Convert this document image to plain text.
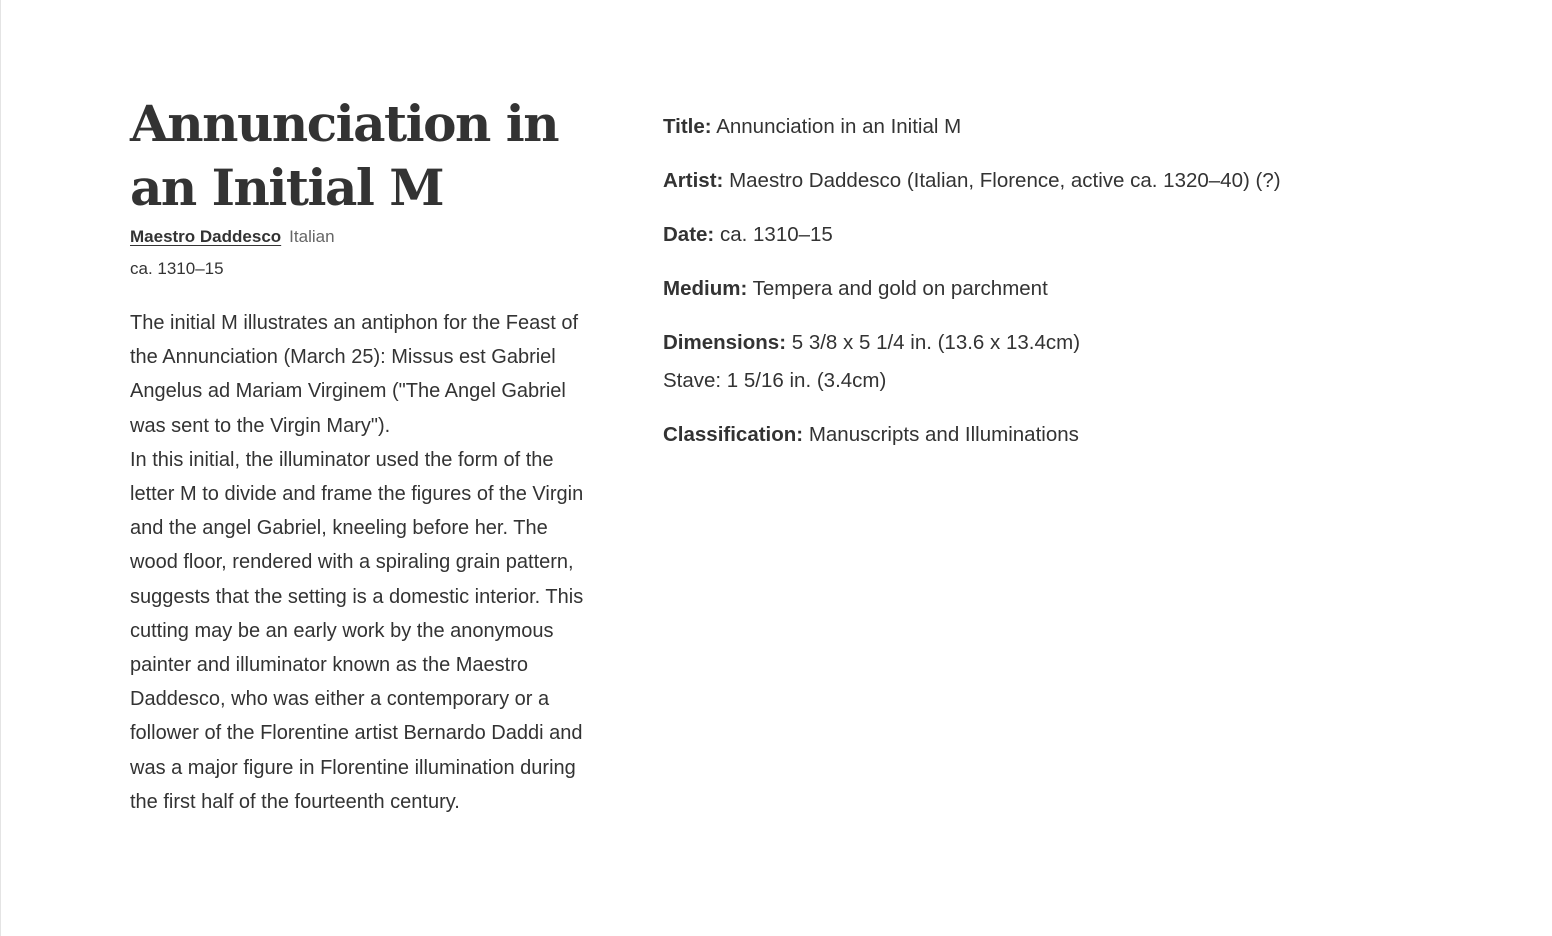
Annunciation in an Initial M
Maestro Daddesco Italian
ca. 1310–15

The initial M illustrates an antiphon for the Feast of the Annunciation (March 25): Missus est Gabriel Angelus ad Mariam Virginem ("The Angel Gabriel was sent to the Virgin Mary").

In this initial, the illuminator used the form of the letter M to divide and frame the figures of the Virgin and the angel Gabriel, kneeling before her. The wood floor, rendered with a spiraling grain pattern, suggests that the setting is a domestic interior. This cutting may be an early work by the anonymous painter and illuminator known as the Maestro Daddesco, who was either a contemporary or a follower of the Florentine artist Bernardo Daddi and was a major figure in Florentine illumination during the first half of the fourteenth century.

Title: Annunciation in an Initial M

Artist: Maestro Daddesco (Italian, Florence, active ca. 1320–40) (?)

Date: ca. 1310–15

Medium: Tempera and gold on parchment

Dimensions: 5 3/8 x 5 1/4 in. (13.6 x 13.4cm)

Stave: 1 5/16 in. (3.4cm)

Classification: Manuscripts and Illuminations
